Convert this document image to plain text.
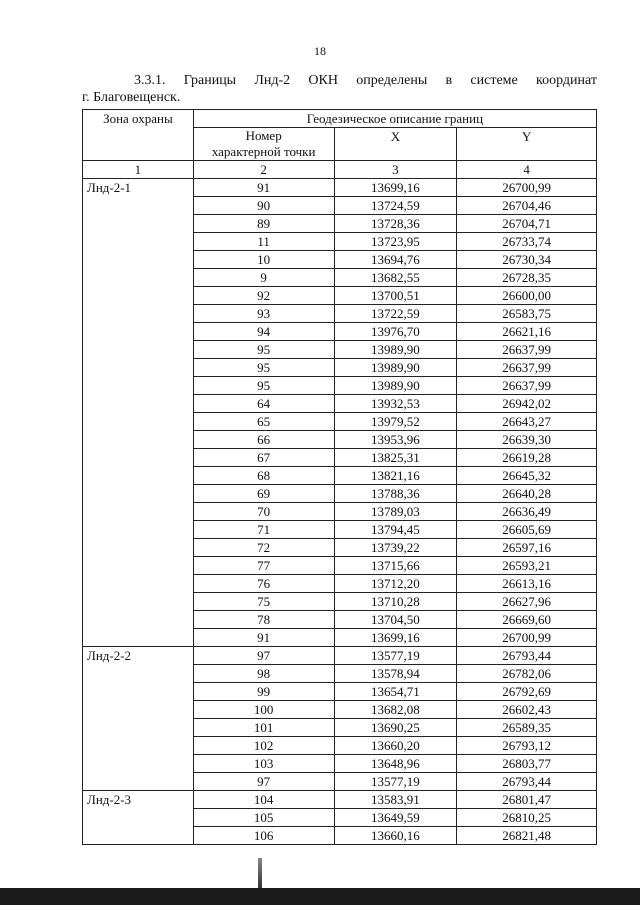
18
3.3.1. Границы Лнд-2 ОКН определены в системе координат
г. Благовещенск.
Зона охраны	Геодезическое описание границ		
	Номер
характерной точки	X	Y
1	2	3	4
Лнд-2-1	91	13699,16	26700,99
	90	13724,59	26704,46
	89	13728,36	26704,71
	11	13723,95	26733,74
	10	13694,76	26730,34
	9	13682,55	26728,35
	92	13700,51	26600,00
	93	13722,59	26583,75
	94	13976,70	26621,16
	95	13989,90	26637,99
	95	13989,90	26637,99
	95	13989,90	26637,99
	64	13932,53	26942,02
	65	13979,52	26643,27
	66	13953,96	26639,30
	67	13825,31	26619,28
	68	13821,16	26645,32
	69	13788,36	26640,28
	70	13789,03	26636,49
	71	13794,45	26605,69
	72	13739,22	26597,16
	77	13715,66	26593,21
	76	13712,20	26613,16
	75	13710,28	26627,96
	78	13704,50	26669,60
	91	13699,16	26700,99
Лнд-2-2	97	13577,19	26793,44
	98	13578,94	26782,06
	99	13654,71	26792,69
	100	13682,08	26602,43
	101	13690,25	26589,35
	102	13660,20	26793,12
	103	13648,96	26803,77
	97	13577,19	26793,44
Лнд-2-3	104	13583,91	26801,47
	105	13649,59	26810,25
	106	13660,16	26821,48
